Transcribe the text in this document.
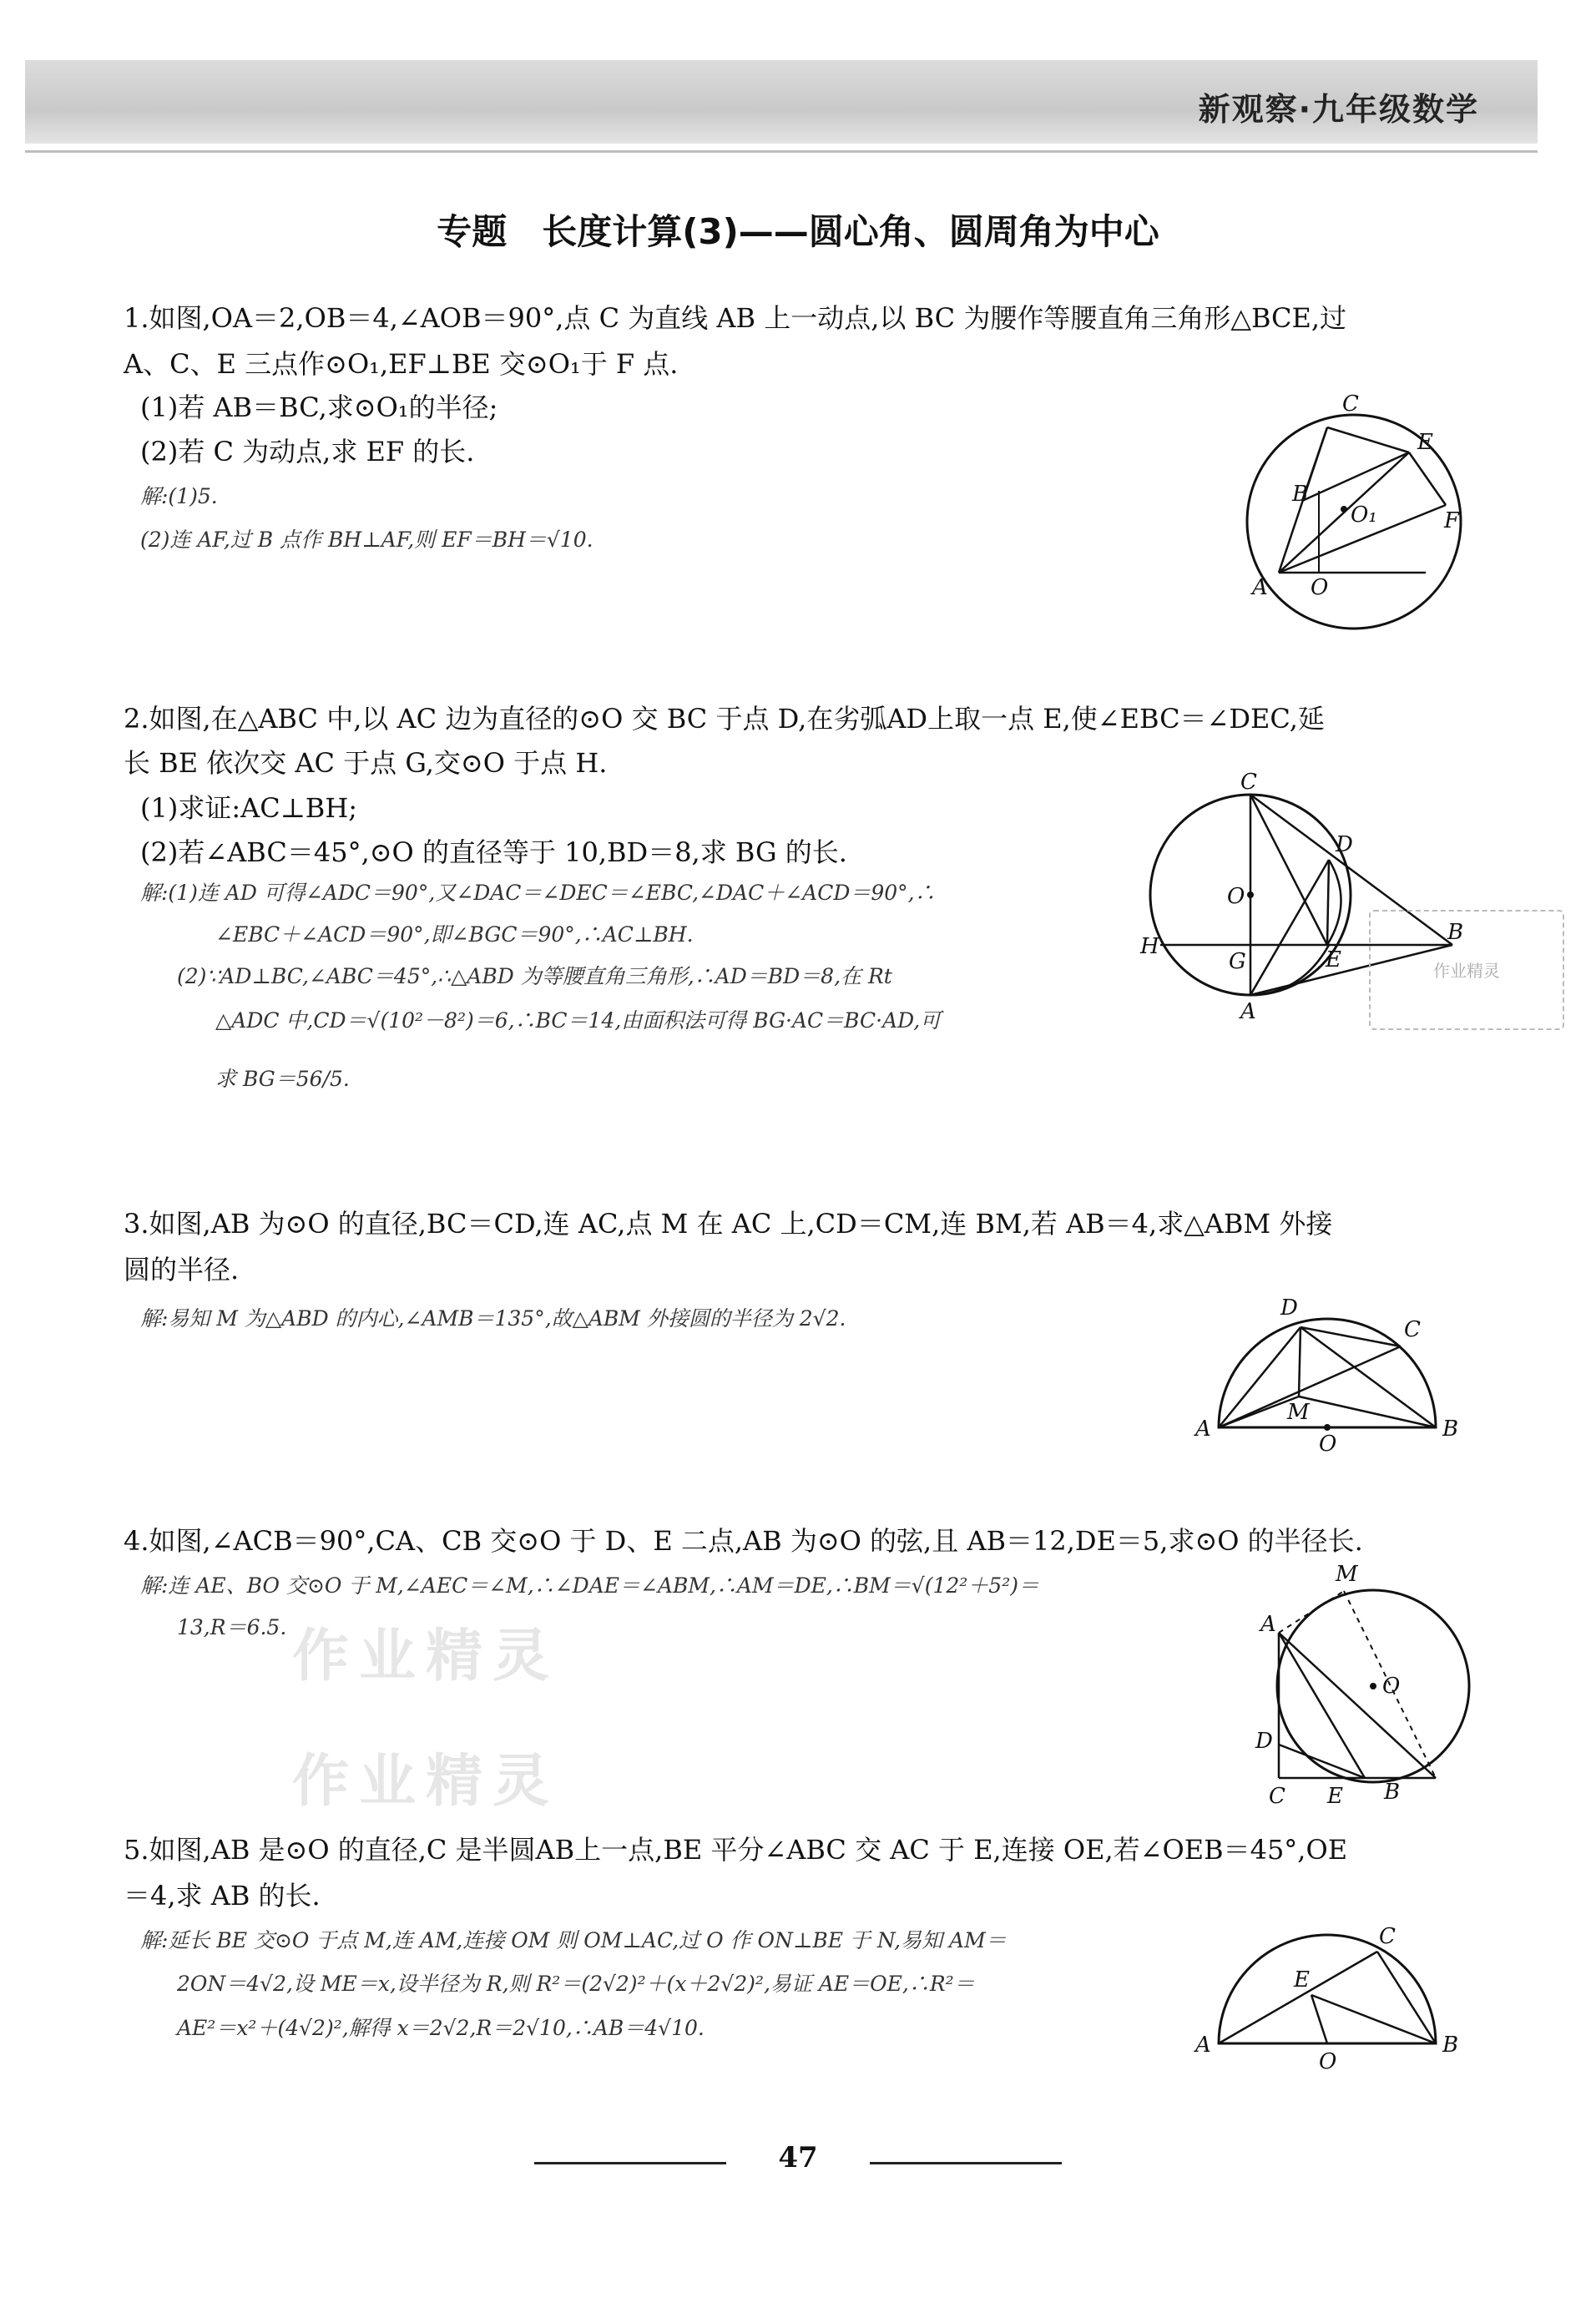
新观察·九年级数学
专题　长度计算(3)——圆心角、圆周角为中心
1.如图,OA＝2,OB＝4,∠AOB＝90°,点 C 为直线 AB 上一动点,以 BC 为腰作等腰直角三角形△BCE,过
A、C、E 三点作⊙O₁,EF⊥BE 交⊙O₁于 F 点.
(1)若 AB＝BC,求⊙O₁的半径;
(2)若 C 为动点,求 EF 的长.
解:(1)5.
(2)连 AF,过 B 点作 BH⊥AF,则 EF＝BH＝√10.
C
E
B
O₁	F
A O
2.如图,在△ABC 中,以 AC 边为直径的⊙O 交 BC 于点 D,在劣弧AD上取一点 E,使∠EBC＝∠DEC,延
长 BE 依次交 AC 于点 G,交⊙O 于点 H.
(1)求证:AC⊥BH;
(2)若∠ABC＝45°,⊙O 的直径等于 10,BD＝8,求 BG 的长.
解:(1)连 AD 可得∠ADC＝90°,又∠DAC＝∠DEC＝∠EBC,∠DAC＋∠ACD＝90°,∴
∠EBC＋∠ACD＝90°,即∠BGC＝90°,∴AC⊥BH.
(2)∵AD⊥BC,∠ABC＝45°,∴△ABD 为等腰直角三角形,∴AD＝BD＝8,在 Rt
△ADC 中,CD＝√(10²－8²)＝6,∴BC＝14,由面积法可得 BG·AC＝BC·AD,可
求 BG＝56/5.
C
D
O
H
G	E
B
A
作业精灵
3.如图,AB 为⊙O 的直径,BC＝CD,连 AC,点 M 在 AC 上,CD＝CM,连 BM,若 AB＝4,求△ABM 外接
圆的半径.
解:易知 M 为△ABD 的内心,∠AMB＝135°,故△ABM 外接圆的半径为 2√2.	D
C
M
A
O
B
4.如图,∠ACB＝90°,CA、CB 交⊙O 于 D、E 二点,AB 为⊙O 的弦,且 AB＝12,DE＝5,求⊙O 的半径长.
解:连 AE、BO 交⊙O 于 M,∠AEC＝∠M,∴∠DAE＝∠ABM,∴AM＝DE,∴BM＝√(12²＋5²)＝
13,R＝6.5. 作业精灵
作业精灵
M
A
O
D
C E B
5.如图,AB 是⊙O 的直径,C 是半圆AB上一点,BE 平分∠ABC 交 AC 于 E,连接 OE,若∠OEB＝45°,OE
＝4,求 AB 的长.
解:延长 BE 交⊙O 于点 M,连 AM,连接 OM 则 OM⊥AC,过 O 作 ON⊥BE 于 N,易知 AM＝
2ON＝4√2,设 ME＝x,设半径为 R,则 R²＝(2√2)²＋(x＋2√2)²,易证 AE＝OE,∴R²＝
AE²＝x²＋(4√2)²,解得 x＝2√2,R＝2√10,∴AB＝4√10.
C
E
A
O
B
47
